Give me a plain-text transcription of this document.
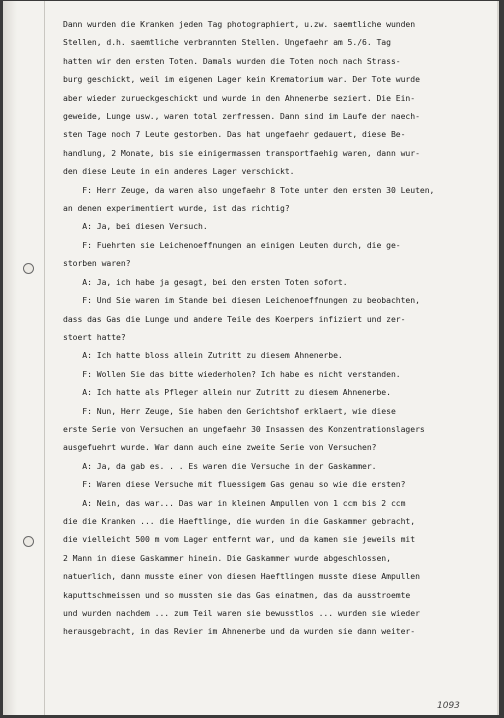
Dann wurden die Kranken jeden Tag photographiert, u.zw. saemtliche wunden
Stellen, d.h. saemtliche verbrannten Stellen. Ungefaehr am 5./6. Tag
hatten wir den ersten Toten. Damals wurden die Toten noch nach Strass-
burg geschickt, weil im eigenen Lager kein Krematorium war. Der Tote wurde
aber wieder zurueckgeschickt und wurde in den Ahnenerbe seziert. Die Ein-
geweide, Lunge usw., waren total zerfressen. Dann sind im Laufe der naech-
sten Tage noch 7 Leute gestorben. Das hat ungefaehr gedauert, diese Be-
handlung, 2 Monate, bis sie einigermassen transportfaehig waren, dann wur-
den diese Leute in ein anderes Lager verschickt.
F: Herr Zeuge, da waren also ungefaehr 8 Tote unter den ersten 30 Leuten,
an denen experimentiert wurde, ist das richtig?
A: Ja, bei diesen Versuch.
F: Fuehrten sie Leichenoeffnungen an einigen Leuten durch, die ge-
storben waren?
A: Ja, ich habe ja gesagt, bei den ersten Toten sofort.
F: Und Sie waren im Stande bei diesen Leichenoeffnungen zu beobachten,
dass das Gas die Lunge und andere Teile des Koerpers infiziert und zer-
stoert hatte?
A: Ich hatte bloss allein Zutritt zu diesem Ahnenerbe.
F: Wollen Sie das bitte wiederholen? Ich habe es nicht verstanden.
A: Ich hatte als Pfleger allein nur Zutritt zu diesem Ahnenerbe.
F: Nun, Herr Zeuge, Sie haben den Gerichtshof erklaert, wie diese
erste Serie von Versuchen an ungefaehr 30 Insassen des Konzentrationslagers
ausgefuehrt wurde. War dann auch eine zweite Serie von Versuchen?
A: Ja, da gab es. . . Es waren die Versuche in der Gaskammer.
F: Waren diese Versuche mit fluessigem Gas genau so wie die ersten?
A: Nein, das war... Das war in kleinen Ampullen von 1 ccm bis 2 ccm
die die Kranken ... die Haeftlinge, die wurden in die Gaskammer gebracht,
die vielleicht 500 m vom Lager entfernt war, und da kamen sie jeweils mit
2 Mann in diese Gaskammer hinein. Die Gaskammer wurde abgeschlossen,
natuerlich, dann musste einer von diesen Haeftlingen musste diese Ampullen
kaputtschmeissen und so mussten sie das Gas einatmen, das da ausstroemte
und wurden nachdem ... zum Teil waren sie bewusstlos ... wurden sie wieder
herausgebracht, in das Revier im Ahnenerbe und da wurden sie dann weiter-
1093
